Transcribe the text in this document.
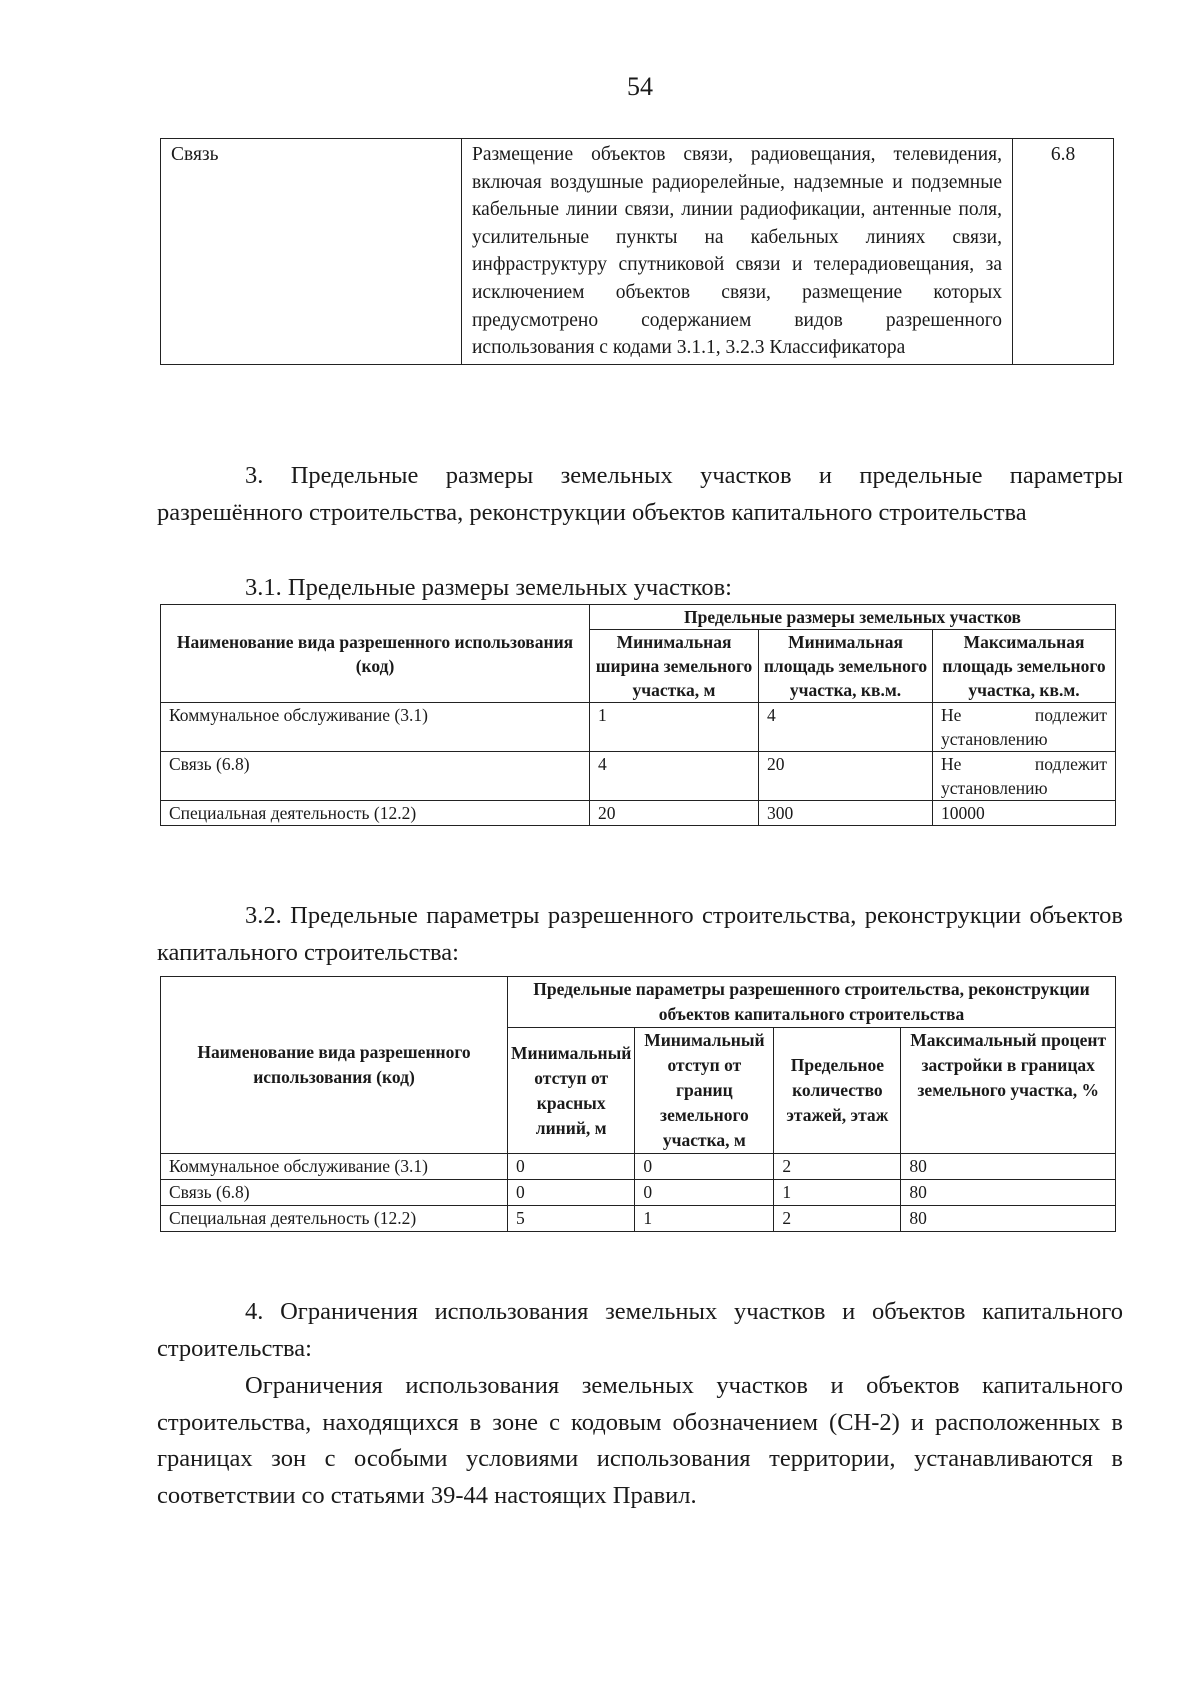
54
Связь	Размещение объектов связи, радиовещания, телевидения, включая воздушные радиорелейные, надземные и подземные кабельные линии связи, линии радиофикации, антенные поля, усилительные пункты на кабельных линиях связи, инфраструктуру спутниковой связи и телерадиовещания, за исключением объектов связи, размещение которых предусмотрено содержанием видов разрешенного использования с кодами 3.1.1, 3.2.3 Классификатора	6.8
3. Предельные размеры земельных участков и предельные параметры разрешённого строительства, реконструкции объектов капитального строительства
3.1. Предельные размеры земельных участков:
Наименование вида разрешенного использования (код)	Предельные размеры земельных участков		
	Минимальная ширина земельного участка, м	Минимальная площадь земельного участка, кв.м.	Максимальная площадь земельного участка, кв.м.
Коммунальное обслуживание (3.1)	1	4	Не подлежит установлению
Связь (6.8)	4	20	Не подлежит установлению
Специальная деятельность (12.2)	20	300	10000
3.2. Предельные параметры разрешенного строительства, реконструкции объектов капитального строительства:
Наименование вида разрешенного использования (код)	Предельные параметры разрешенного строительства, реконструкции объектов капитального строительства			
	Минимальный отступ от красных линий, м	Минимальный отступ от границ земельного участка, м	Предельное количество этажей, этаж	Максимальный процент застройки в границах земельного участка, %
Коммунальное обслуживание (3.1)	0	0	2	80
Связь (6.8)	0	0	1	80
Специальная деятельность (12.2)	5	1	2	80
4. Ограничения использования земельных участков и объектов капитального строительства:
Ограничения использования земельных участков и объектов капитального строительства, находящихся в зоне с кодовым обозначением (СН-2) и расположенных в границах зон с особыми условиями использования территории, устанавливаются в соответствии со статьями 39-44 настоящих Правил.
